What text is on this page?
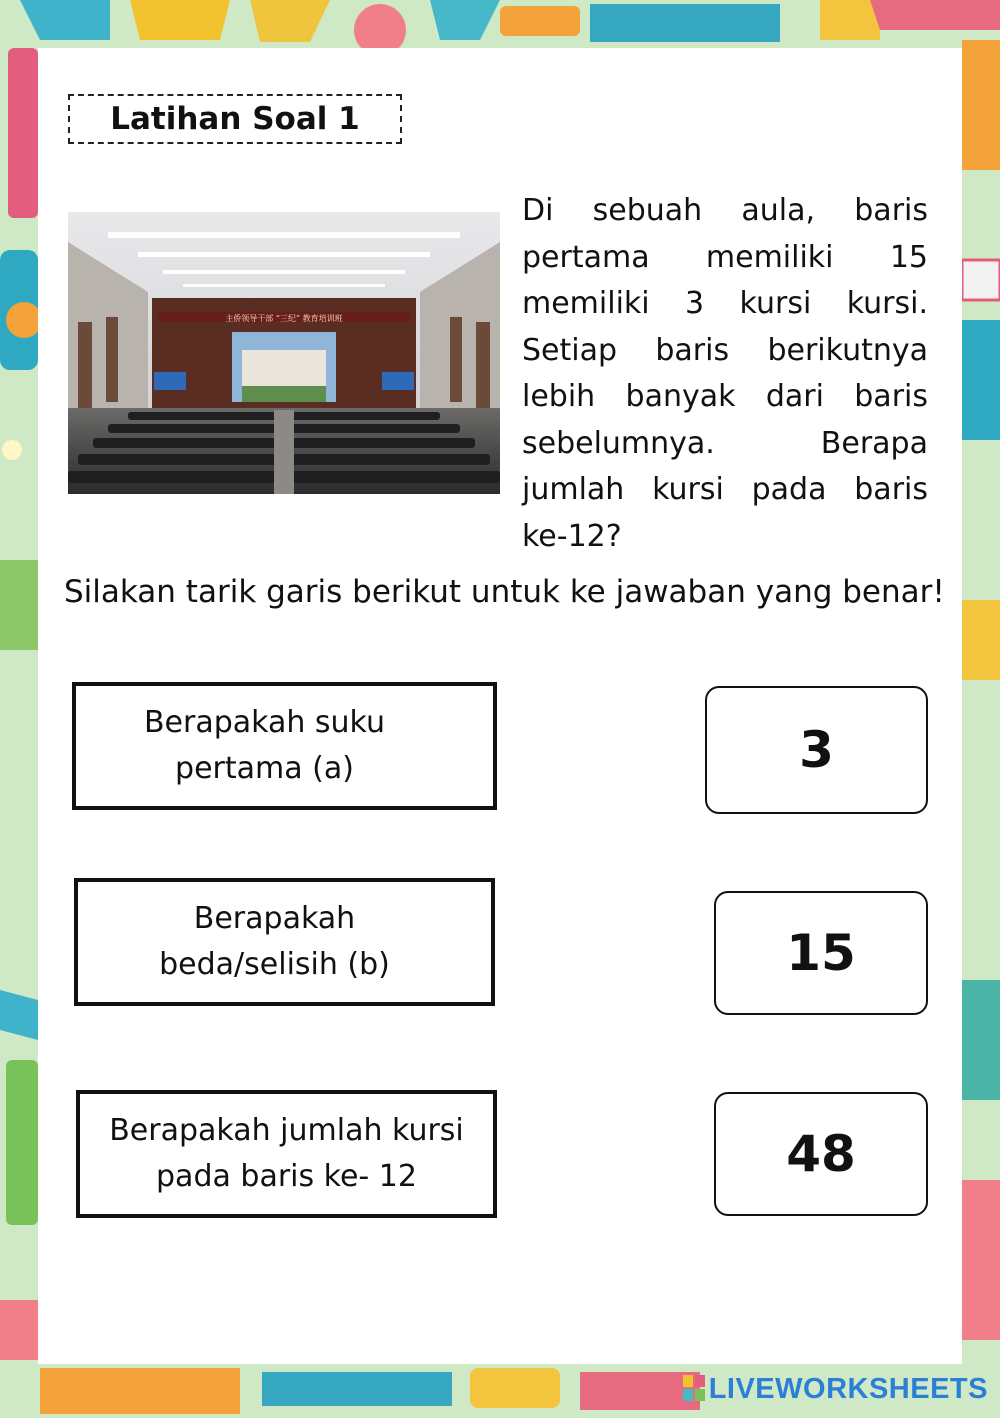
Latihan Soal 1
主侨领导干部 “三纪” 教育培训班
Di sebuah aula, baris pertama memiliki 15 memiliki 3 kursi kursi. Setiap baris berikutnya lebih banyak dari baris sebelumnya. Berapa jumlah kursi pada baris ke-12?
Silakan tarik garis berikut untuk ke jawaban yang benar!
Berapakah suku
pertama (a)
Berapakah
beda/selisih (b)
Berapakah jumlah kursi
pada baris ke- 12
3
15
48
LIVEWORKSHEETS
